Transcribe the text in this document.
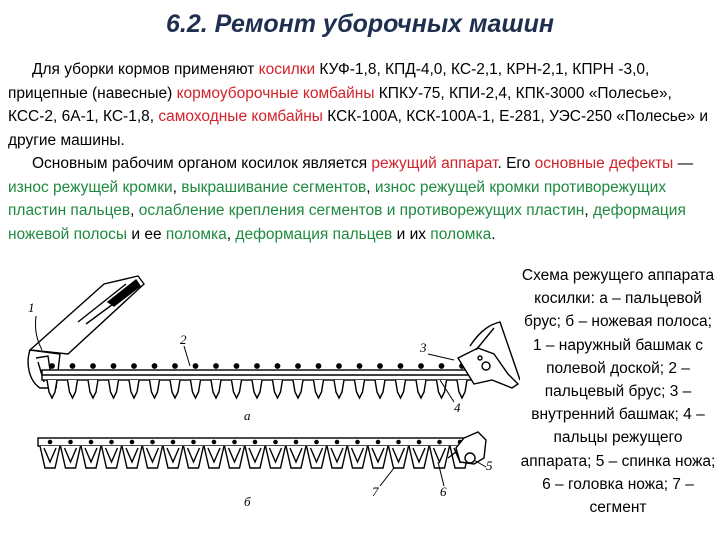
6.2. Ремонт уборочных машин
Для уборки кормов применяют косилки КУФ-1,8, КПД-4,0, КС-2,1, КРН-2,1, КПРН -3,0, прицепные (навесные) кормоуборочные комбайны КПКУ-75, КПИ-2,4, КПК-3000 «Полесье», КСС-2, 6А-1, КС-1,8, самоходные комбайны КСК-100А, КСК-100А-1, Е-281, УЭС-250 «Полесье» и другие машины.
Основным рабочим органом косилок является режущий аппарат. Его основные дефекты — износ режущей кромки, выкрашивание сегментов, износ режущей кромки противорежущих пластин пальцев, ослабление крепления сегментов и противорежущих пластин, деформация ножевой полосы и ее поломка, деформация пальцев и их поломка.
Схема режущего аппарата косилки: а – пальцевой брус; б – ножевая полоса; 1 – наружный башмак с полевой доской; 2 – пальцевый брус; 3 – внутренний башмак; 4 – пальцы режущего аппарата; 5 – спинка ножа; 6 – головка ножа; 7 – сегмент
1
2
3
4
5
6
7
а
б
